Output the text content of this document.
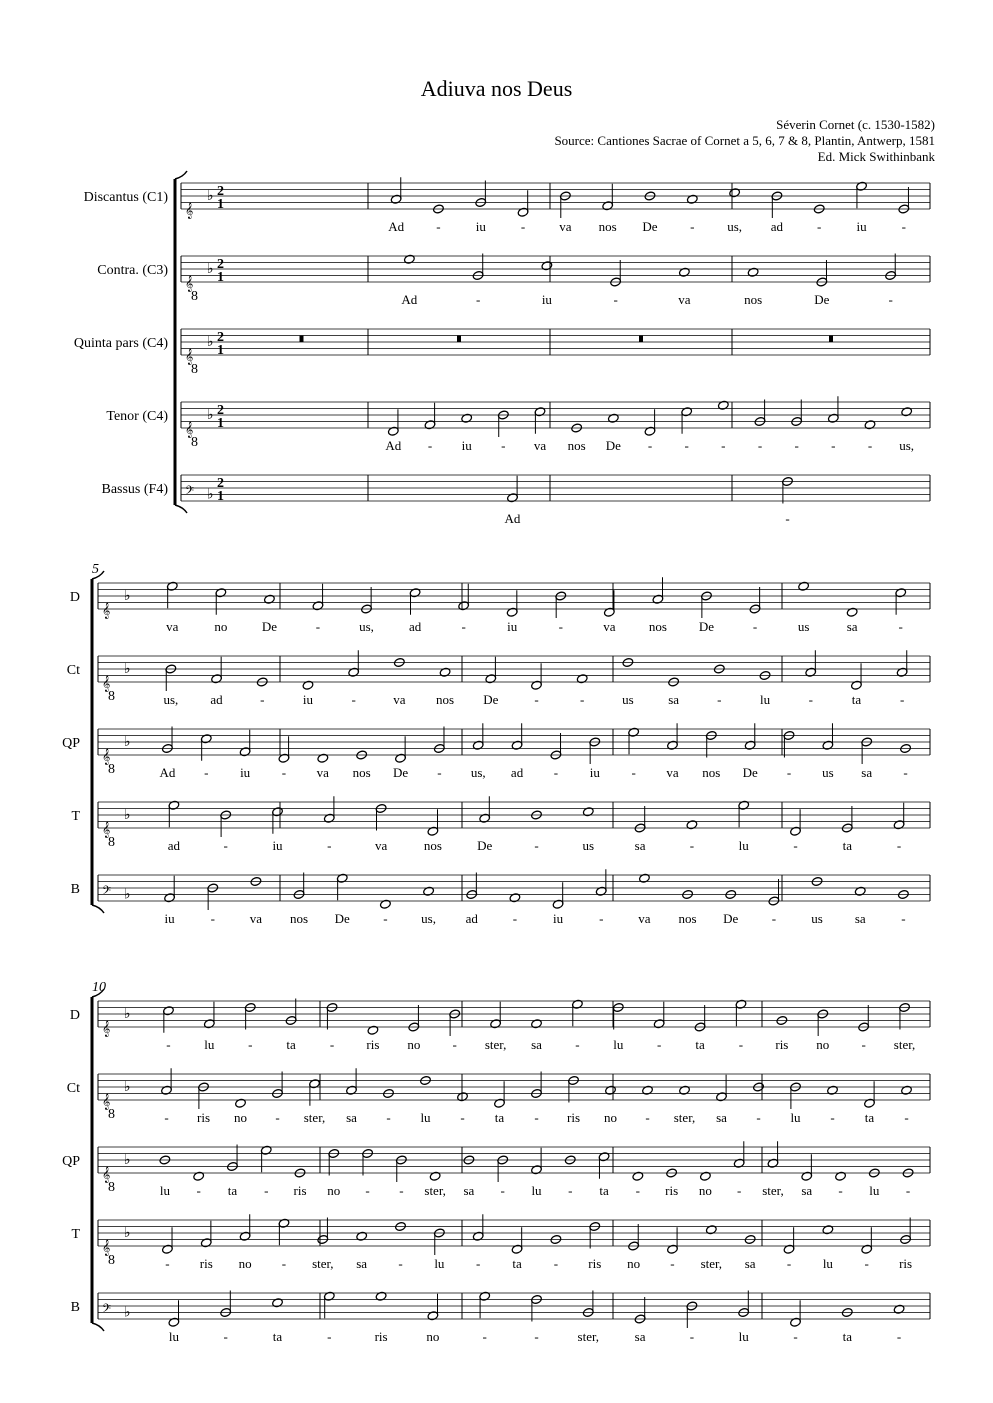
Adiuva nos Deus
Séverin Cornet (c. 1530-1582)
Source: Cantiones Sacrae of Cornet a 5, 6, 7 & 8, Plantin, Antwerp, 1581
Ed. Mick Swithinbank
Discantus (C1)
𝄞
♭ 2
1
Ad -	iu	-	va nos De	-	us, ad	-	iu	-
Contra. (C3)
𝄞
8
♭ 2
1
Ad	-	iu	-	va	nos	De	-
Quinta pars (C4)
𝄞
8
♭ 2
1
Tenor (C4)
𝄞
8
♭ 2
1
Ad - iu - va nos De - - - - - - - us,
Bassus (F4) 𝄢 ♭
2
1
Ad	-
5
D
𝄞
♭
va	no	De	-	us,	ad	-	iu	-	va	nos De	-	us	sa	-
Ct
𝄞
8
♭
us, ad	-	iu	-	va nos De	-	-	us	sa	-	lu	-	ta	-
QP
𝄞
8
♭
Ad - iu - va nos De - us, ad - iu - va nos De - us sa -
T
𝄞
8
♭
ad	-	iu	-	va	nos	De	-	us	sa	-	lu	-	ta	-
B 𝄢 ♭
iu	-	va nos De	-	us, ad	-	iu	-	va nos De	-	us sa	-
10
D
𝄞
♭
-	lu	-	ta	- ris no - ster, sa	-	lu	-	ta	- ris no - ster,
Ct
𝄞
8
♭
- ris no - ster, sa - lu - ta - ris no - ster, sa - lu - ta -
QP
𝄞
8
♭
lu - ta - ris no - - ster, sa - lu - ta - ris no - ster, sa - lu -
T
𝄞
8
♭
- ris no - ster, sa - lu - ta - ris no - ster, sa - lu - ris
B 𝄢 ♭
lu	-	ta	-	ris	no	-	-	ster,	sa	-	lu	-	ta	-
